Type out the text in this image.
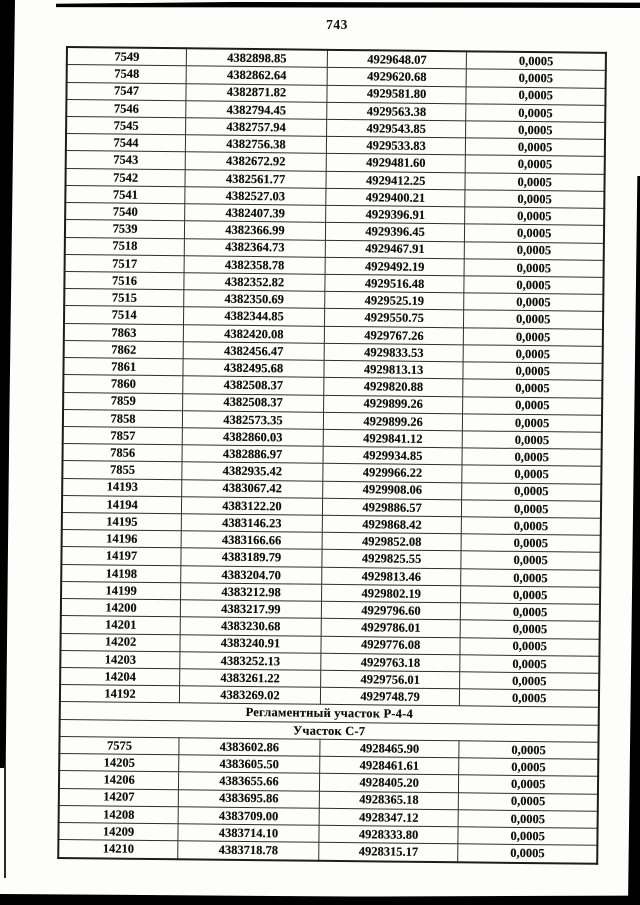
743
7549	4382898.85	4929648.07	0,0005
7548	4382862.64	4929620.68	0,0005
7547	4382871.82	4929581.80	0,0005
7546	4382794.45	4929563.38	0,0005
7545	4382757.94	4929543.85	0,0005
7544	4382756.38	4929533.83	0,0005
7543	4382672.92	4929481.60	0,0005
7542	4382561.77	4929412.25	0,0005
7541	4382527.03	4929400.21	0,0005
7540	4382407.39	4929396.91	0,0005
7539	4382366.99	4929396.45	0,0005
7518	4382364.73	4929467.91	0,0005
7517	4382358.78	4929492.19	0,0005
7516	4382352.82	4929516.48	0,0005
7515	4382350.69	4929525.19	0,0005
7514	4382344.85	4929550.75	0,0005
7863	4382420.08	4929767.26	0,0005
7862	4382456.47	4929833.53	0,0005
7861	4382495.68	4929813.13	0,0005
7860	4382508.37	4929820.88	0,0005
7859	4382508.37	4929899.26	0,0005
7858	4382573.35	4929899.26	0,0005
7857	4382860.03	4929841.12	0,0005
7856	4382886.97	4929934.85	0,0005
7855	4382935.42	4929966.22	0,0005
14193	4383067.42	4929908.06	0,0005
14194	4383122.20	4929886.57	0,0005
14195	4383146.23	4929868.42	0,0005
14196	4383166.66	4929852.08	0,0005
14197	4383189.79	4929825.55	0,0005
14198	4383204.70	4929813.46	0,0005
14199	4383212.98	4929802.19	0,0005
14200	4383217.99	4929796.60	0,0005
14201	4383230.68	4929786.01	0,0005
14202	4383240.91	4929776.08	0,0005
14203	4383252.13	4929763.18	0,0005
14204	4383261.22	4929756.01	0,0005
14192	4383269.02	4929748.79	0,0005
Регламентный участок Р-4-4			
Участок С-7			
7575	4383602.86	4928465.90	0,0005
14205	4383605.50	4928461.61	0,0005
14206	4383655.66	4928405.20	0,0005
14207	4383695.86	4928365.18	0,0005
14208	4383709.00	4928347.12	0,0005
14209	4383714.10	4928333.80	0,0005
14210	4383718.78	4928315.17	0,0005
